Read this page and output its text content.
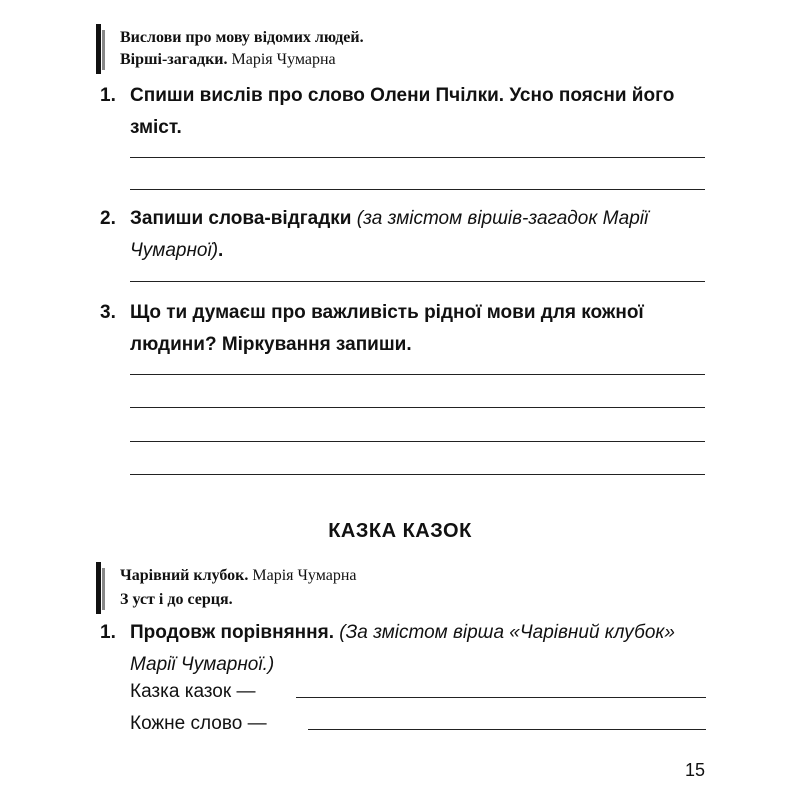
Вислови про мову відомих людей.
Вірші-загадки. Марія Чумарна
1. Спиши вислів про слово Олени Пчілки. Усно поясни його зміст.
2. Запиши слова-відгадки (за змістом віршів-загадок Марії Чумарної).
3. Що ти думаєш про важливість рідної мови для кожної людини? Міркування запиши.
КАЗКА КАЗОК
Чарівний клубок. Марія Чумарна
З уст і до серця.
1. Продовж порівняння. (За змістом вірша «Чарівний клубок» Марії Чумарної.)
Казка казок —
Кожне слово —
15
